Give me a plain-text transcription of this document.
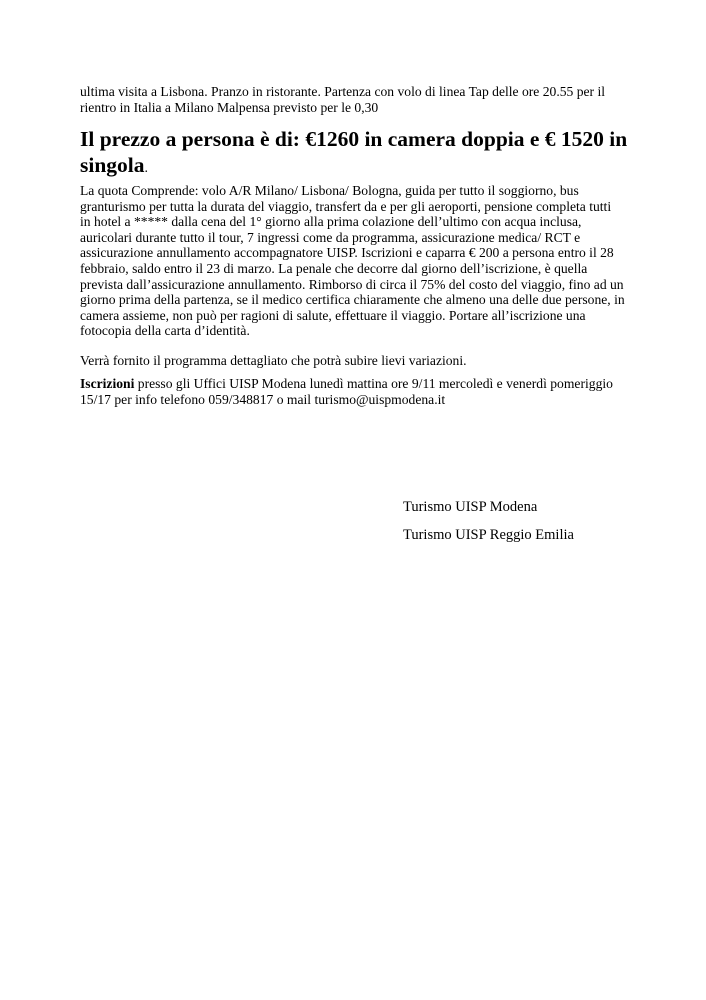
ultima visita a Lisbona. Pranzo in ristorante. Partenza con volo di linea Tap delle ore 20.55 per il rientro in Italia a Milano Malpensa previsto per le 0,30

Il prezzo a persona è di: €1260 in camera doppia e € 1520 in singola.

La quota Comprende: volo A/R Milano/ Lisbona/ Bologna, guida per tutto il soggiorno, bus granturismo per tutta la durata del viaggio, transfert da e per gli aeroporti, pensione completa tutti in hotel a ***** dalla cena del 1° giorno alla prima colazione dell’ultimo con acqua inclusa, auricolari durante tutto il tour, 7 ingressi come da programma, assicurazione medica/ RCT e assicurazione annullamento accompagnatore UISP. Iscrizioni e caparra € 200 a persona entro il 28 febbraio, saldo entro il 23 di marzo. La penale che decorre dal giorno dell’iscrizione, è quella prevista dall’assicurazione annullamento. Rimborso di circa il 75% del costo del viaggio, fino ad un giorno prima della partenza, se il medico certifica chiaramente che almeno una delle due persone, in camera assieme, non può per ragioni di salute, effettuare il viaggio. Portare all’iscrizione una fotocopia della carta d’identità.

Verrà fornito il programma dettagliato che potrà subire lievi variazioni.

Iscrizioni presso gli Uffici UISP Modena lunedì mattina ore 9/11 mercoledì e venerdì pomeriggio 15/17 per info telefono 059/348817 o mail turismo@uispmodena.it

Turismo UISP Modena
Turismo UISP Reggio Emilia
